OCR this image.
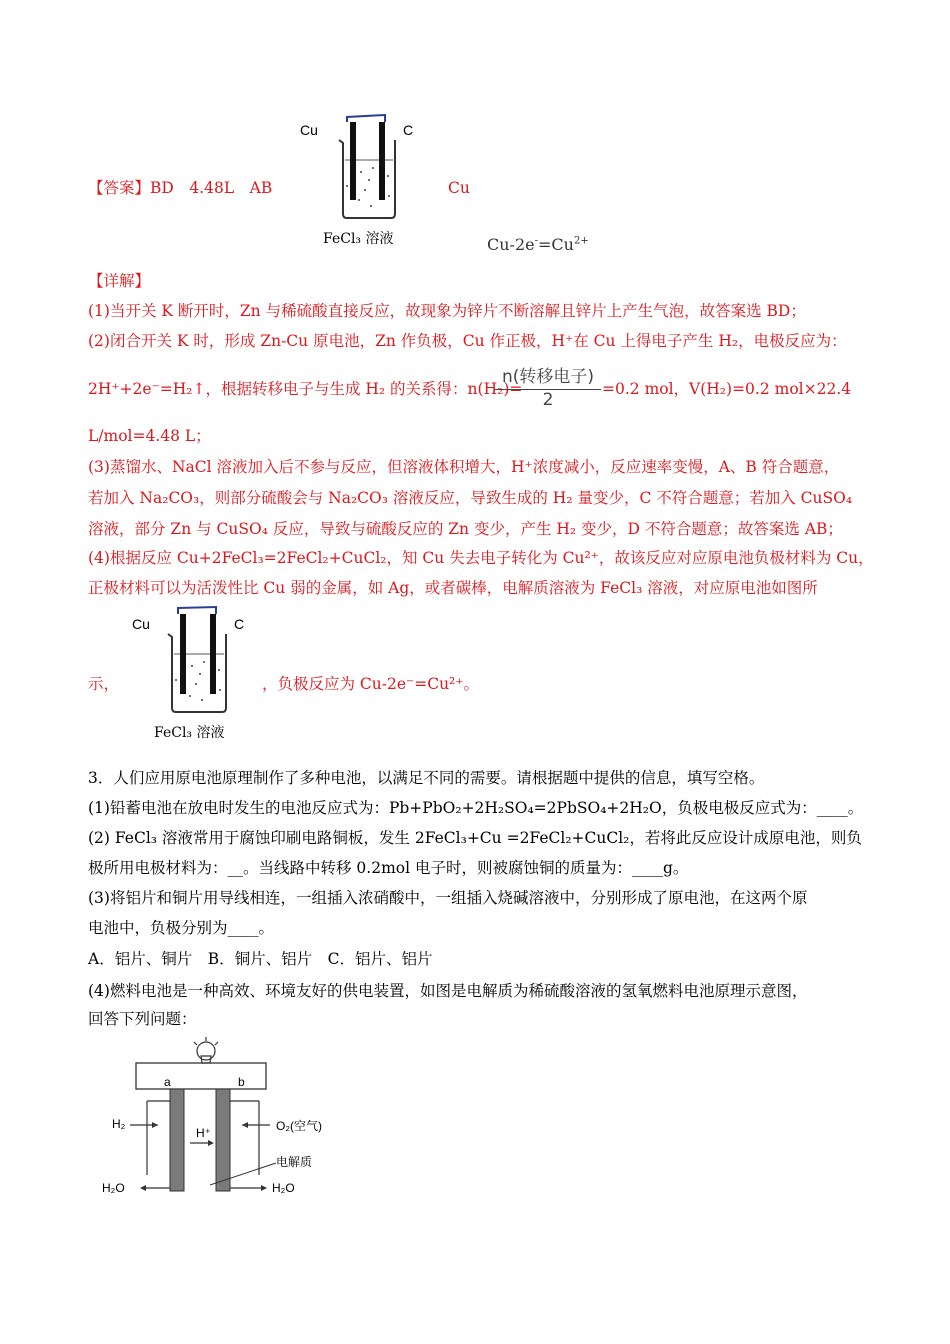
【答案】BD　4.48L　AB
Cu	C
FeCl₃ 溶液
Cu
$Cu-2e^-=Cu^{2+}$
【详解】
(1)当开关 K 断开时，Zn 与稀硫酸直接反应，故现象为锌片不断溶解且锌片上产生气泡，故答案选 BD；
(2)闭合开关 K 时，形成 Zn-Cu 原电池，Zn 作负极，Cu 作正极，H⁺在 Cu 上得电子产生 H₂，电极反应为：
2H⁺+2e⁻=H₂↑，根据转移电子与生成 H₂ 的关系得：n(H₂)=
n(转移电子)
2
=0.2 mol，V(H₂)=0.2 mol×22.4
L/mol=4.48 L；
(3)蒸馏水、NaCl 溶液加入后不参与反应，但溶液体积增大，H⁺浓度减小，反应速率变慢，A、B 符合题意，
若加入 Na₂CO₃，则部分硫酸会与 Na₂CO₃ 溶液反应，导致生成的 H₂ 量变少，C 不符合题意；若加入 CuSO₄
溶液，部分 Zn 与 CuSO₄ 反应，导致与硫酸反应的 Zn 变少，产生 H₂ 变少，D 不符合题意；故答案选 AB；
(4)根据反应 Cu+2FeCl₃=2FeCl₂+CuCl₂，知 Cu 失去电子转化为 Cu²⁺，故该反应对应原电池负极材料为 Cu，
正极材料可以为活泼性比 Cu 弱的金属，如 Ag，或者碳棒，电解质溶液为 FeCl₃ 溶液，对应原电池如图所
示，
Cu	C
FeCl₃ 溶液
，负极反应为 Cu-2e⁻=Cu²⁺。
3．人们应用原电池原理制作了多种电池，以满足不同的需要。请根据题中提供的信息，填写空格。
(1)铅蓄电池在放电时发生的电池反应式为：Pb+PbO₂+2H₂SO₄=2PbSO₄+2H₂O，负极电极反应式为：____。
(2) FeCl₃ 溶液常用于腐蚀印刷电路铜板，发生 2FeCl₃+Cu =2FeCl₂+CuCl₂，若将此反应设计成原电池，则负
极所用电极材料为：__。当线路中转移 0.2mol 电子时，则被腐蚀铜的质量为：____g。
(3)将铝片和铜片用导线相连，一组插入浓硝酸中，一组插入烧碱溶液中，分别形成了原电池，在这两个原
电池中，负极分别为____。
A．铝片、铜片　B．铜片、铝片　C．铝片、铝片
(4)燃料电池是一种高效、环境友好的供电装置，如图是电解质为稀硫酸溶液的氢氧燃料电池原理示意图，
回答下列问题：
a	b
H₂	O₂(空气)
H⁺
电解质
H₂O	H₂O
